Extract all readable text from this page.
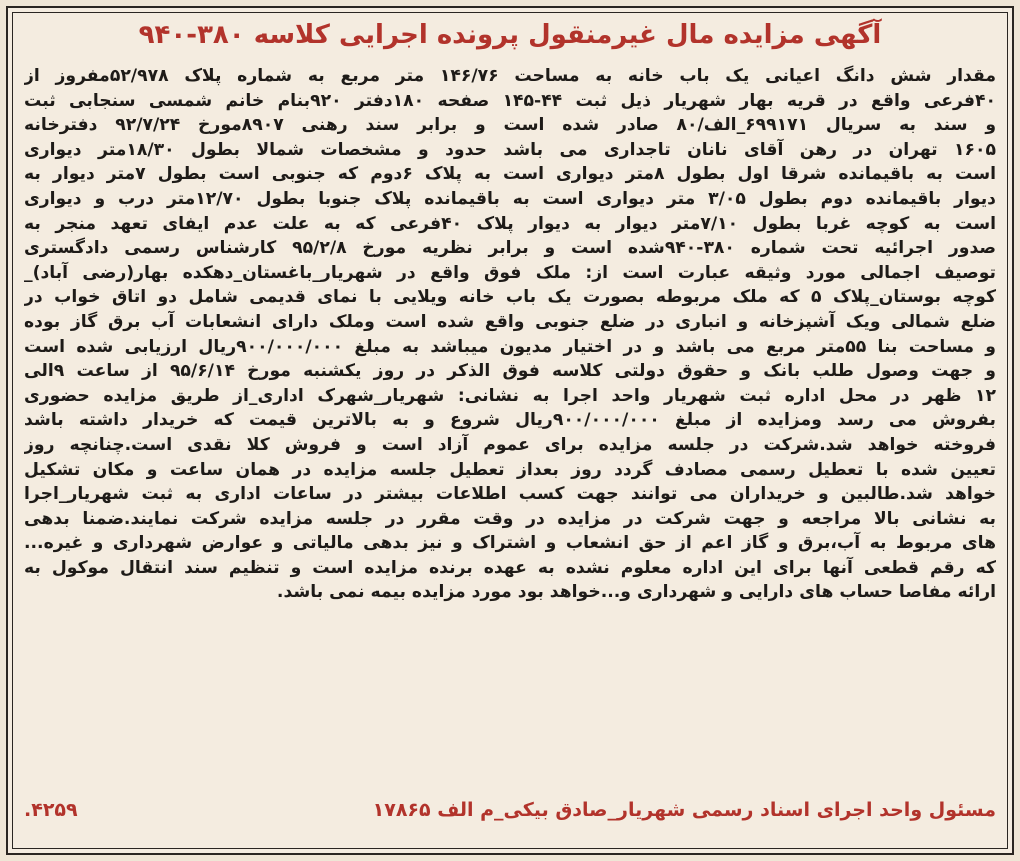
آگهی مزایده مال غیرمنقول پرونده اجرایی کلاسه ۳۸۰-۹۴۰
مقدار شش دانگ اعیانی یک باب خانه به مساحت ۱۴۶/۷۶ متر مربع به شماره پلاک ۵۲/۹۷۸مفروز از
۴۰فرعی واقع در قریه بهار شهریار ذیل ثبت ۴۴-۱۴۵ صفحه ۱۸۰دفتر ۹۲۰بنام خانم شمسی سنجابی ثبت
و سند به سریال ۶۹۹۱۷۱_الف/۸۰ صادر شده است و برابر سند رهنی ۸۹۰۷مورخ ۹۲/۷/۲۴ دفترخانه
۱۶۰۵ تهران در رهن آقای نانان تاجداری می باشد حدود و مشخصات شمالا بطول ۱۸/۳۰متر دیواری
است به باقیمانده شرقا اول بطول ۸متر دیواری است به پلاک ۶دوم که جنوبی است بطول ۷متر دیوار به
دیوار باقیمانده دوم بطول ۳/۰۵ متر دیواری است به باقیمانده پلاک جنوبا بطول ۱۲/۷۰متر درب و دیواری
است به کوچه غربا بطول ۷/۱۰متر دیوار به دیوار پلاک ۴۰فرعی که به علت عدم ایفای تعهد منجر به
صدور اجرائیه تحت شماره ۳۸۰-۹۴۰شده است و برابر نظریه مورخ ۹۵/۲/۸ کارشناس رسمی دادگستری
توصیف اجمالی مورد وثیقه عبارت است از: ملک فوق واقع در شهریار_باغستان_دهکده بهار(رضی آباد)_
کوچه بوستان_پلاک ۵ که ملک مربوطه بصورت یک باب خانه ویلایی با نمای قدیمی شامل دو اتاق خواب در
ضلع شمالی ویک آشپزخانه و انباری در ضلع جنوبی واقع شده است وملک دارای انشعابات آب برق گاز بوده
و مساحت بنا ۵۵متر مربع می باشد و در اختیار مدیون میباشد به مبلغ ۹۰۰/۰۰۰/۰۰۰ریال ارزیابی شده است
و جهت وصول طلب بانک و حقوق دولتی کلاسه فوق الذکر در روز یکشنبه مورخ ۹۵/۶/۱۴ از ساعت ۹الی
۱۲ ظهر در محل اداره ثبت شهریار واحد اجرا به نشانی: شهریار_شهرک اداری_از طریق مزایده حضوری
بفروش می رسد ومزایده از مبلغ ۹۰۰/۰۰۰/۰۰۰ریال شروع و به بالاترین قیمت که خریدار داشته باشد
فروخته خواهد شد.شرکت در جلسه مزایده برای عموم آزاد است و فروش کلا نقدی است.چنانچه روز
تعیین شده با تعطیل رسمی مصادف گردد روز بعداز تعطیل جلسه مزایده در همان ساعت و مکان تشکیل
خواهد شد.طالبین و خریداران می توانند جهت کسب اطلاعات بیشتر در ساعات اداری به ثبت شهریار_اجرا
به نشانی بالا مراجعه و جهت شرکت در مزایده در وقت مقرر در جلسه مزایده شرکت نمایند.ضمنا بدهی
های مربوط به آب،برق و گاز اعم از حق انشعاب و اشتراک و نیز بدهی مالیاتی و عوارض شهرداری و غیره...
که رقم قطعی آنها برای این اداره معلوم نشده به عهده برنده مزایده است و تنظیم سند انتقال موکول به
ارائه مفاصا حساب های دارایی و شهرداری و...خواهد بود مورد مزایده بیمه نمی باشد.
مسئول واحد اجرای اسناد رسمی شهریار_صادق بیکی_م الف ۱۷۸۶۵
۴۲۵۹.
